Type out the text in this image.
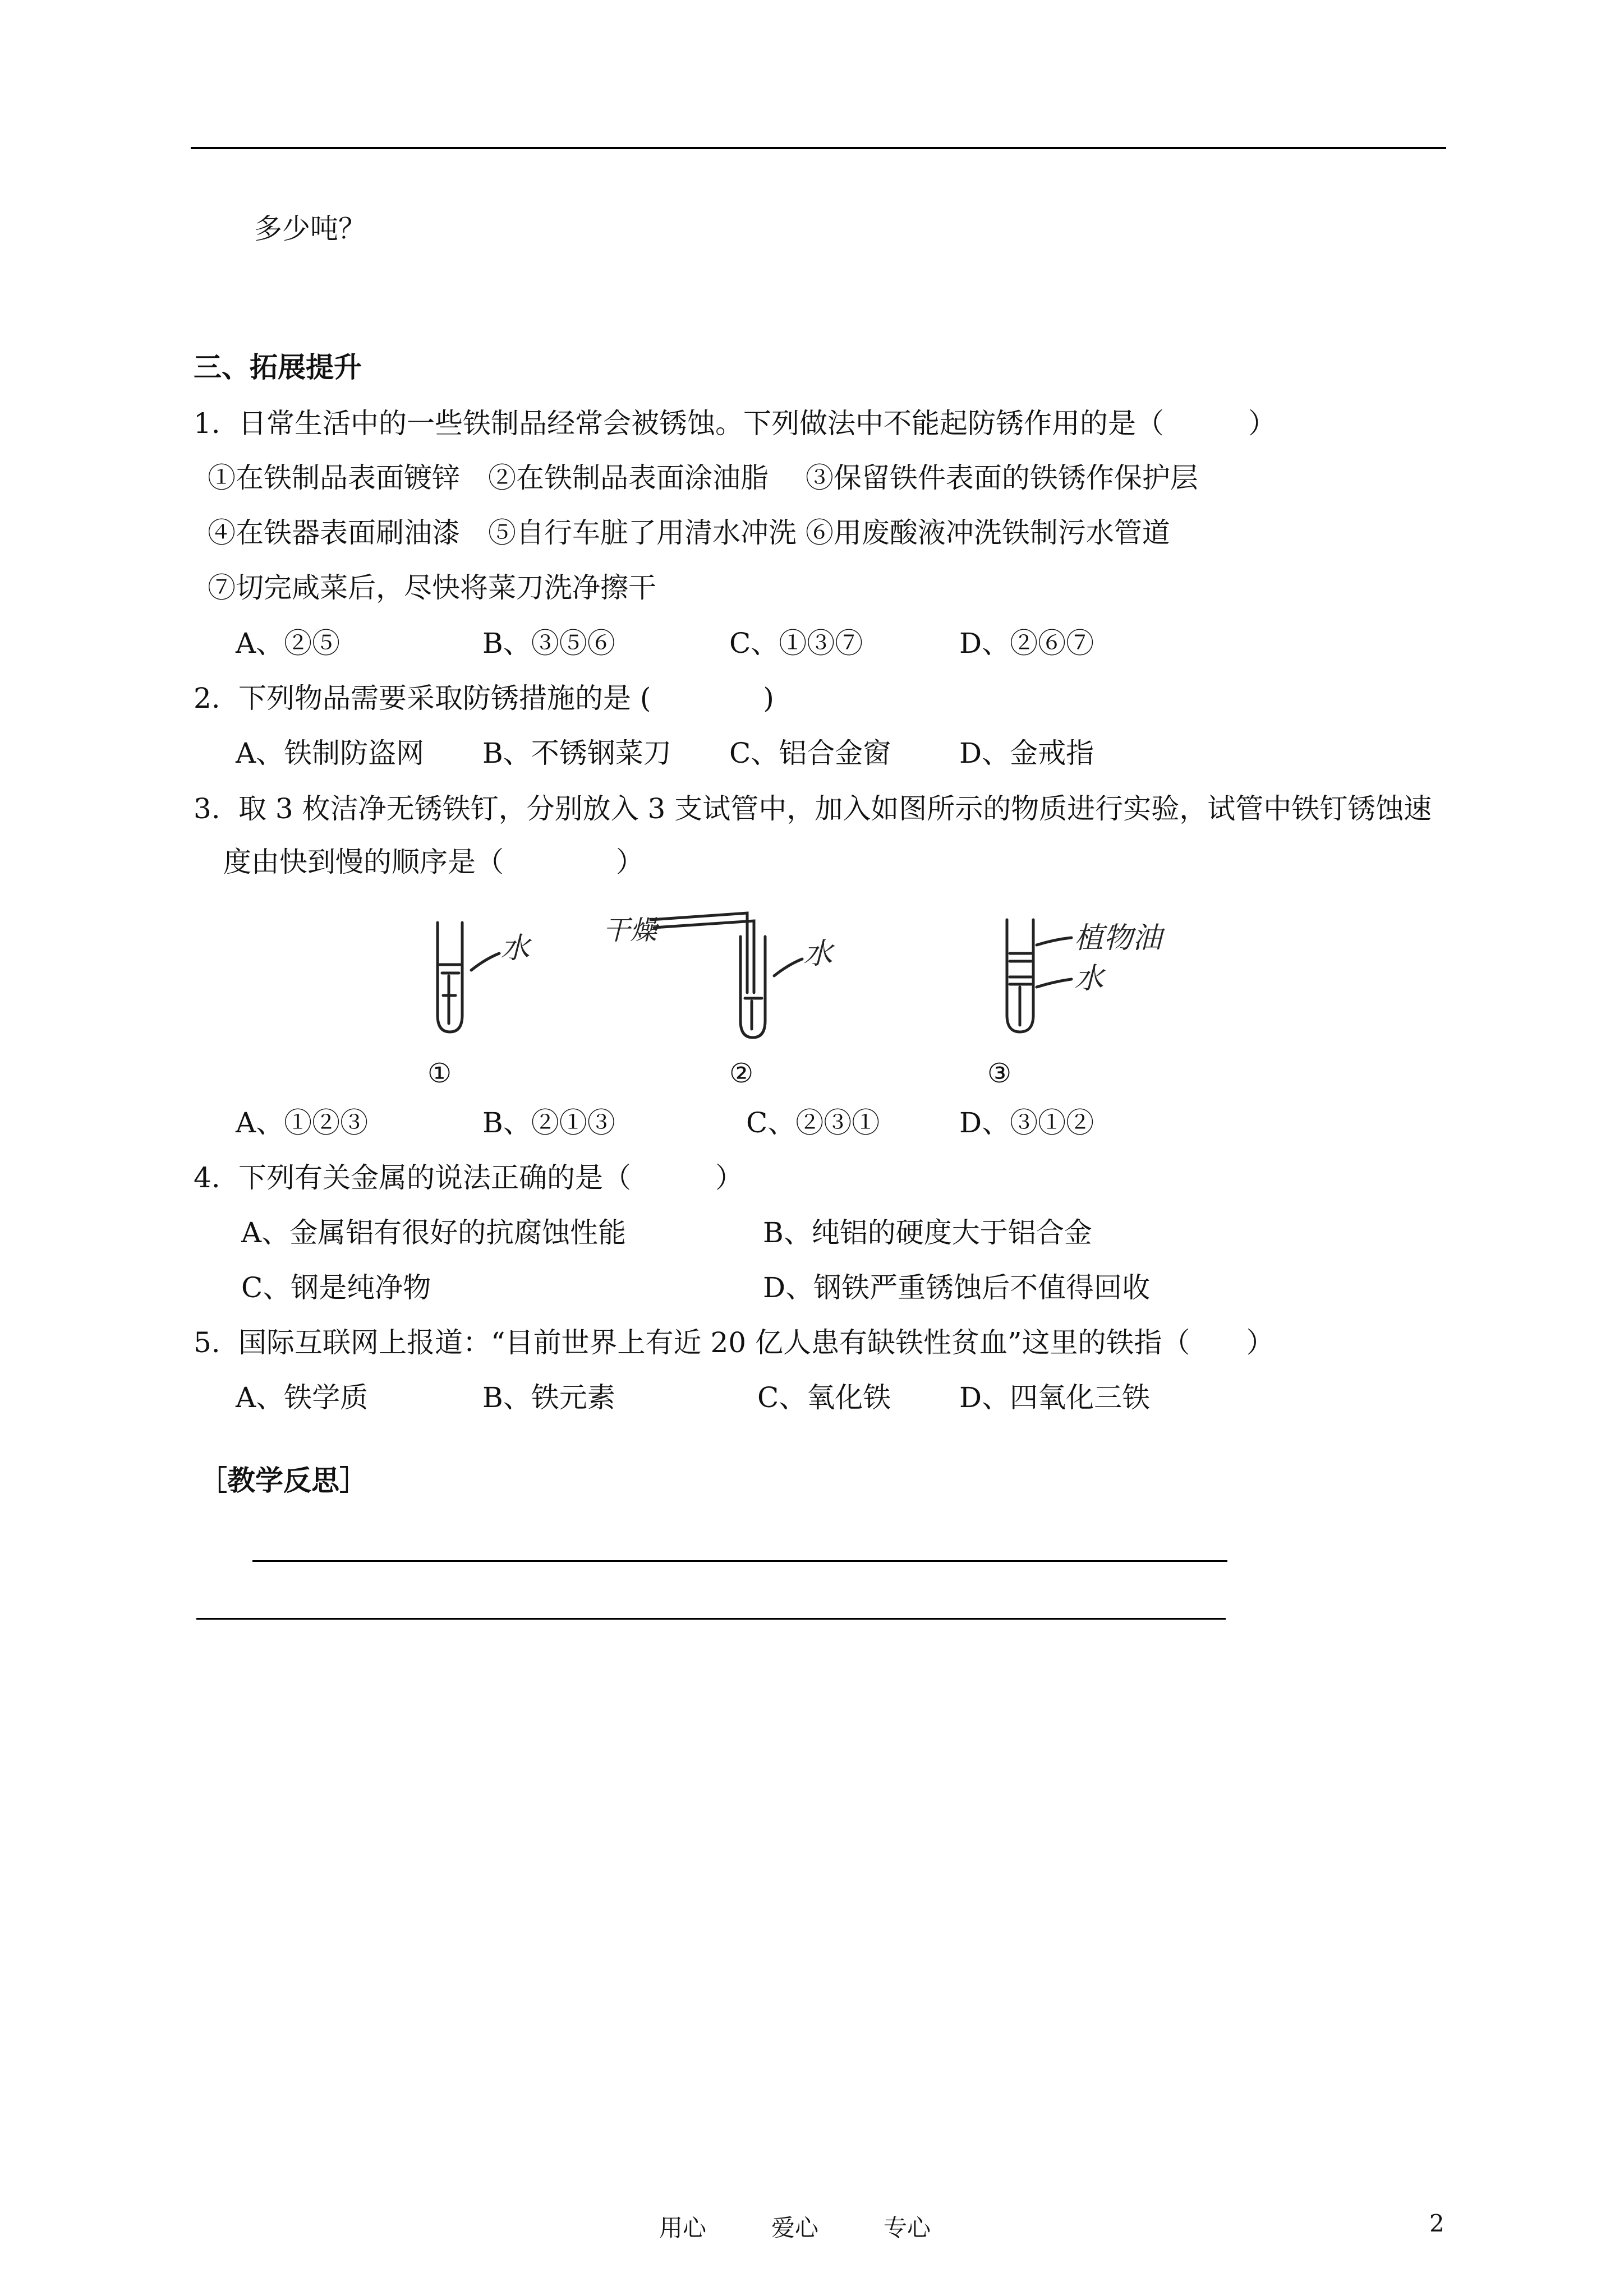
多少吨？
三、拓展提升
1. 日常生活中的一些铁制品经常会被锈蚀。下列做法中不能起防锈作用的是（　　　）
①在铁制品表面镀锌　②在铁制品表面涂油脂　 ③保留铁件表面的铁锈作保护层
④在铁器表面刷油漆　⑤自行车脏了用清水冲洗 ⑥用废酸液冲洗铁制污水管道
⑦切完咸菜后，尽快将菜刀洗净擦干
A、②⑤	B、③⑤⑥	C、①③⑦	D、②⑥⑦
2. 下列物品需要采取防锈措施的是 (　　　　)
A、铁制防盗网 B、不锈钢菜刀 C、铝合金窗 D、金戒指
3. 取 3 枚洁净无锈铁钉，分别放入 3 支试管中，加入如图所示的物质进行实验，试管中铁钉锈蚀速
度由快到慢的顺序是（　　　　）
水
干燥
水	植物油
水
①	②	③
A、①②③	B、②①③	C、②③①	D、③①②
4. 下列有关金属的说法正确的是（　　　）
A、金属铝有很好的抗腐蚀性能	B、纯铝的硬度大于铝合金
C、钢是纯净物	D、钢铁严重锈蚀后不值得回收
5. 国际互联网上报道：“目前世界上有近 20 亿人患有缺铁性贫血”这里的铁指（　　）
A、铁学质	B、铁元素	C、氧化铁 D、四氧化三铁
［教学反思］
用心	爱心	专心	2
